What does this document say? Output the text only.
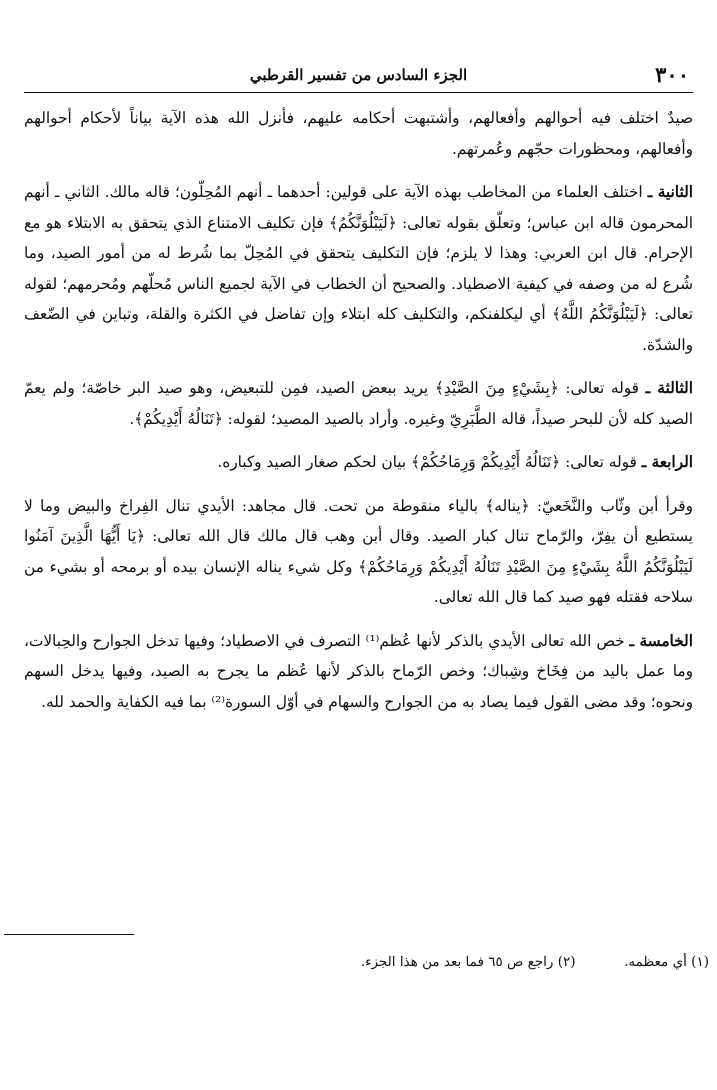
٣٠٠
الجزء السادس من تفسير القرطبي

صيدٌ اختلف فيه أحوالهم وأفعالهم، وأشتبهت أحكامه عليهم، فأنزل الله هذه الآية بياناً لأحكام أحوالهم وأفعالهم، ومحظورات حجّهم وعُمرتهم.

الثانية ـ اختلف العلماء من المخاطب بهذه الآية على قولين: أحدهما ـ أنهم المُحِلّون؛ قاله مالك. الثاني ـ أنهم المحرمون قاله ابن عباس؛ وتعلّق بقوله تعالى: ﴿لَيَبْلُوَنَّكُمُ﴾ فإن تكليف الامتناع الذي يتحقق به الابتلاء هو مع الإحرام. قال ابن العربي: وهذا لا يلزم؛ فإن التكليف يتحقق في المُحِلّ بما شُرط له من أمور الصيد، وما شُرع له من وصفه في كيفية الاصطياد. والصحيح أن الخطاب في الآية لجميع الناس مُحلّهم ومُحرمهم؛ لقوله تعالى: ﴿لَيَبْلُوَنَّكُمُ اللَّهُ﴾ أي ليكلفنكم، والتكليف كله ابتلاء وإن تفاضل في الكثرة والقلة، وتباين في الضّعف والشدّة.

الثالثة ـ قوله تعالى: ﴿بِشَيْءٍ مِنَ الصَّيْدِ﴾ يريد ببعض الصيد، فمِن للتبعيض، وهو صيد البر خاصّة؛ ولم يعمّ الصيد كله لأن للبحر صيداً، قاله الطَّبَرِيّ وغيره. وأراد بالصيد المصيد؛ لقوله: ﴿تَنَالُهُ أَيْدِيكُمْ﴾.

الرابعة ـ قوله تعالى: ﴿تَنَالُهُ أَيْدِيكُمْ وَرِمَاحُكُمْ﴾ بيان لحكم صغار الصيد وكباره.

وقرأ أبن وثّاب والنَّخَعيّ: ﴿يناله﴾ بالياء منقوطة من تحت. قال مجاهد: الأيدي تنال الفِراخ والبيض وما لا يستطيع أن يفِرّ، والرّماح تنال كبار الصيد. وقال أبن وهب قال مالك قال الله تعالى: ﴿يَا أَيُّهَا الَّذِينَ آمَنُوا لَيَبْلُوَنَّكُمُ اللَّهُ بِشَيْءٍ مِنَ الصَّيْدِ تَنَالُهُ أَيْدِيكُمْ وَرِمَاحُكُمْ﴾ وكل شيء يناله الإنسان بيده أو برمحه أو بشيء من سلاحه فقتله فهو صيد كما قال الله تعالى.

الخامسة ـ خص الله تعالى الأيدي بالذكر لأنها عُظم⁽¹⁾ التصرف في الاصطياد؛ وفيها تدخل الجوارح والحِبالات، وما عمل باليد من فِخَاخ وشِباك؛ وخص الرّماح بالذكر لأنها عُظم ما يجرح به الصيد، وفيها يدخل السهم ونحوه؛ وقد مضى القول فيما يصاد به من الجوارح والسهام في أوّل السورة⁽²⁾ بما فيه الكفاية والحمد لله.

(١) أي معظمه.  (٢) راجع ص ٦٥ فما بعد من هذا الجزء.
